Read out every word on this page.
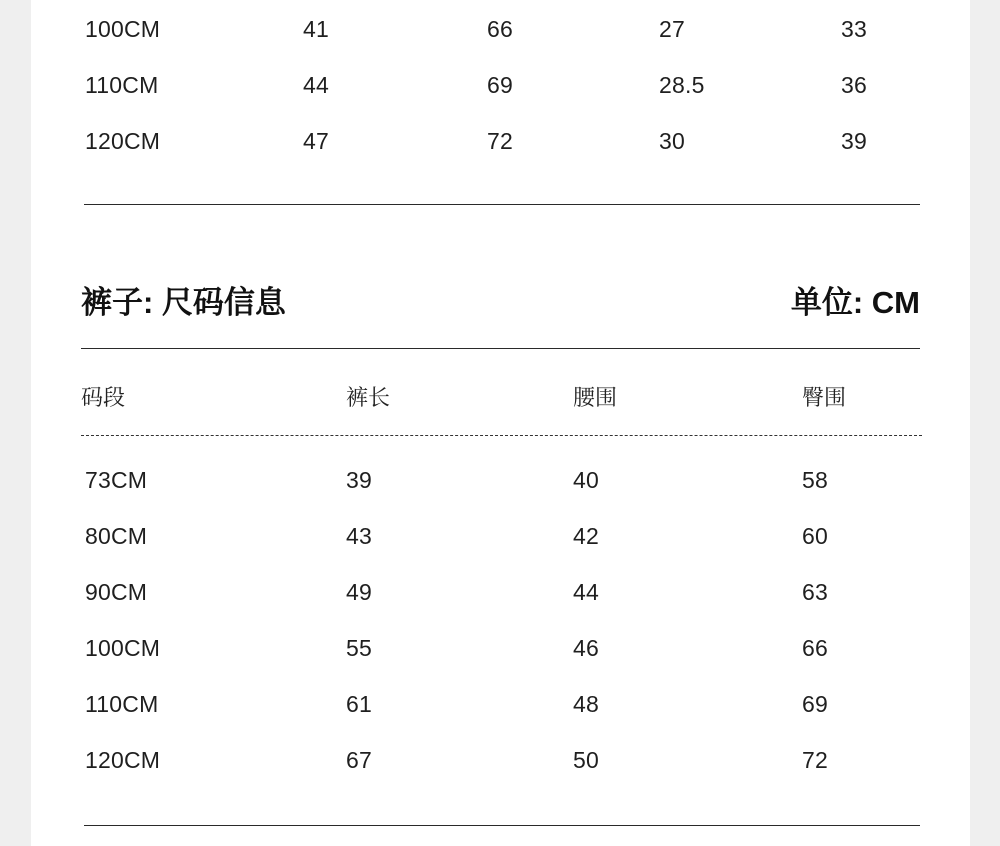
100CM	41	66	27	33
110CM	44	69	28.5	36
120CM	47	72	30	39
裤子: 尺码信息	单位: CM
码段	裤长	腰围	臀围
73CM	39	40	58
80CM	43	42	60
90CM	49	44	63
100CM	55	46	66
110CM	61	48	69
120CM	67	50	72
